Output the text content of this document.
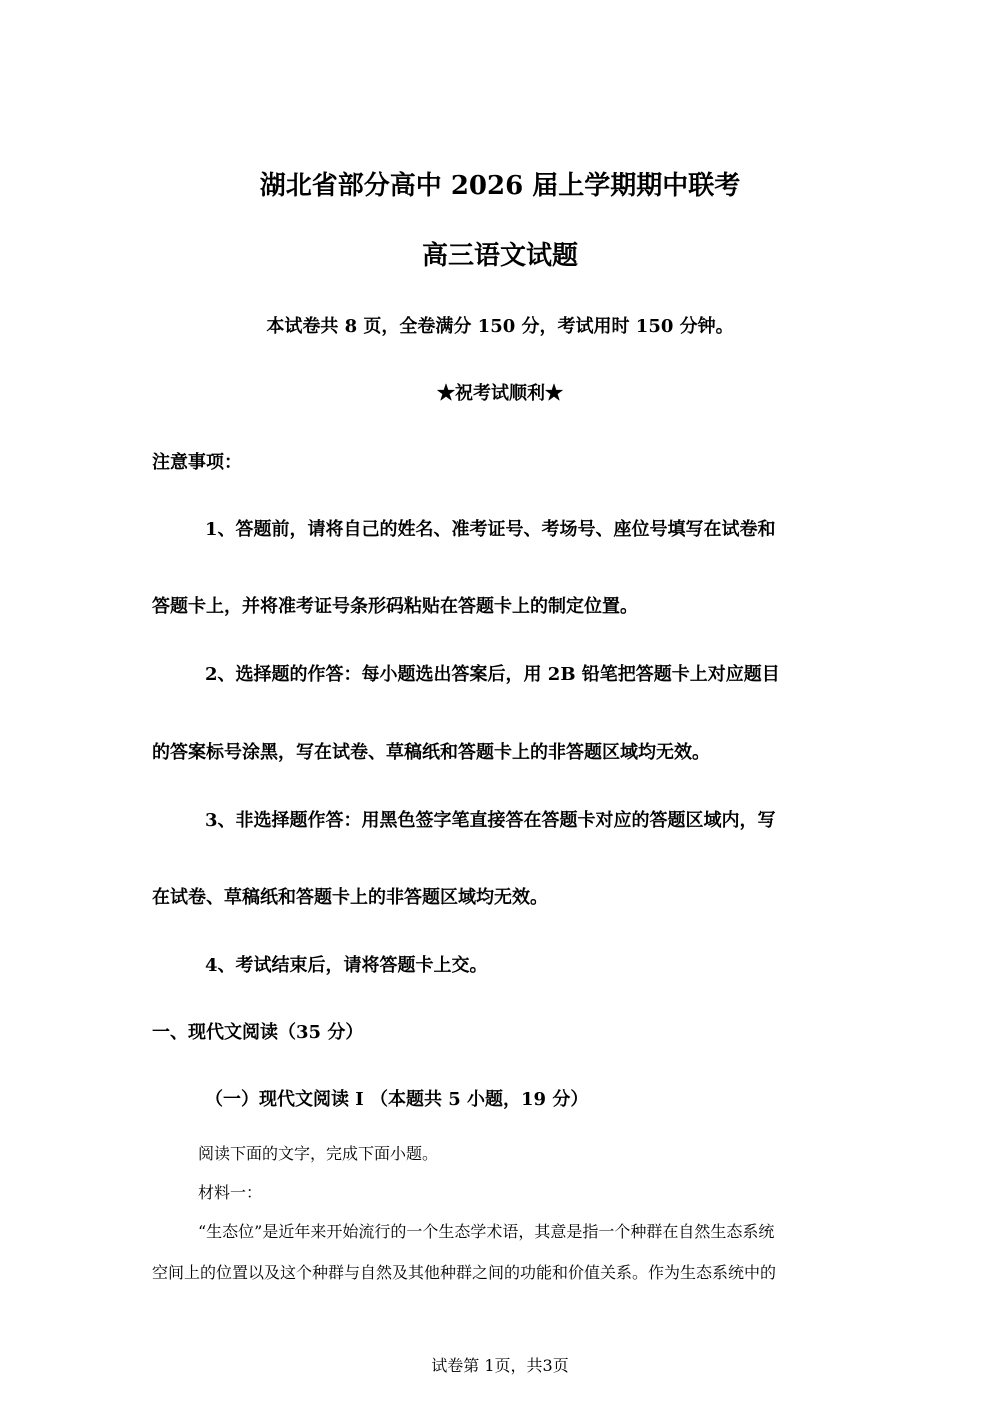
湖北省部分高中 2026 届上学期期中联考
高三语文试题
本试卷共 8 页，全卷满分 150 分，考试用时 150 分钟。
★祝考试顺利★
注意事项：
1、答题前，请将自己的姓名、准考证号、考场号、座位号填写在试卷和
答题卡上，并将准考证号条形码粘贴在答题卡上的制定位置。
2、选择题的作答：每小题选出答案后，用 2B 铅笔把答题卡上对应题目
的答案标号涂黑，写在试卷、草稿纸和答题卡上的非答题区域均无效。
3、非选择题作答：用黑色签字笔直接答在答题卡对应的答题区域内，写
在试卷、草稿纸和答题卡上的非答题区域均无效。
4、考试结束后，请将答题卡上交。
一、现代文阅读（35 分）
（一）现代文阅读 I （本题共 5 小题，19 分）
阅读下面的文字，完成下面小题。
材料一：
“生态位”是近年来开始流行的一个生态学术语，其意是指一个种群在自然生态系统
空间上的位置以及这个种群与自然及其他种群之间的功能和价值关系。作为生态系统中的
试卷第 1页，共3页
